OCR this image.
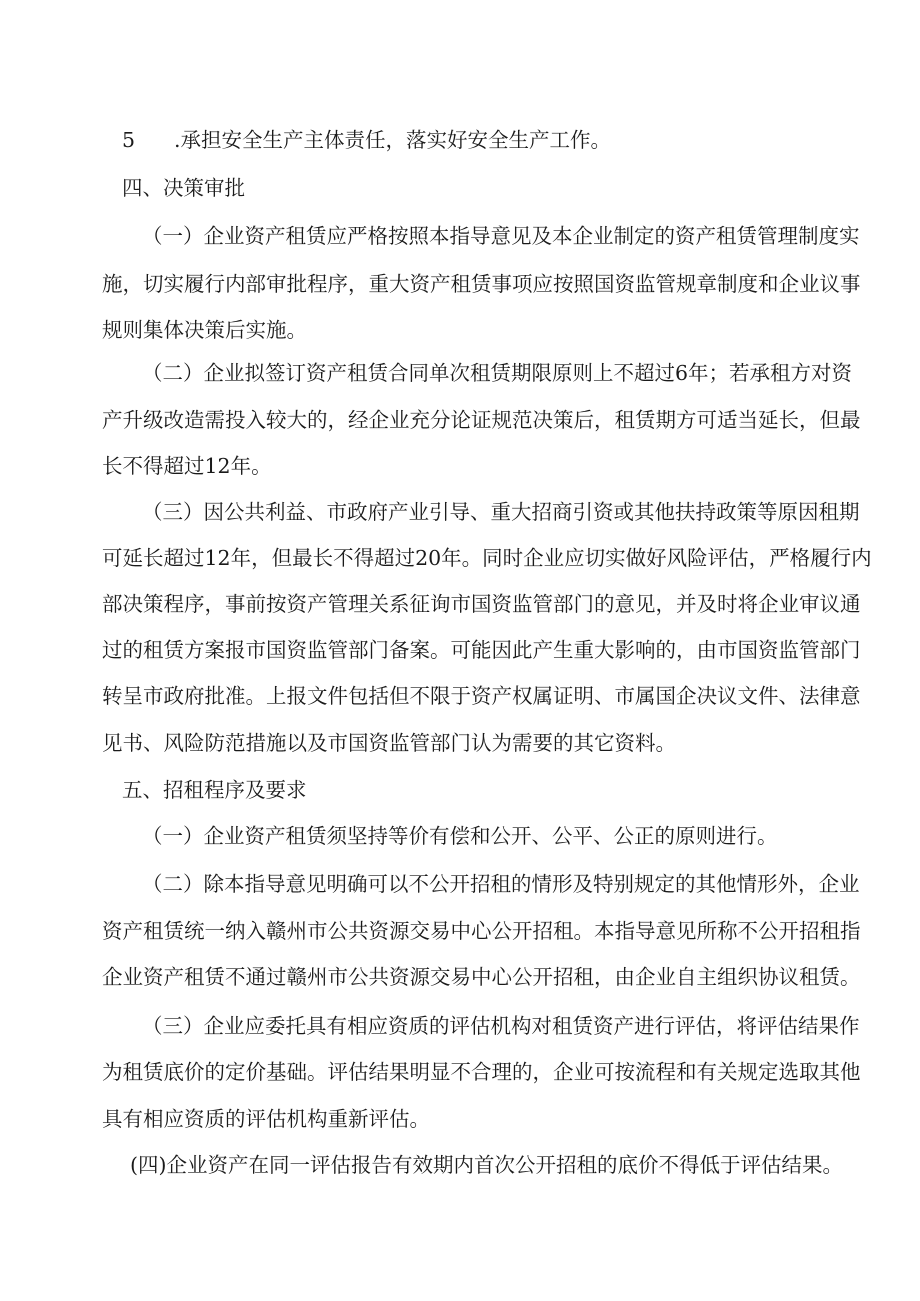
5 .承担安全生产主体责任，落实好安全生产工作。
四、决策审批
（一）企业资产租赁应严格按照本指导意见及本企业制定的资产租赁管理制度实
施，切实履行内部审批程序，重大资产租赁事项应按照国资监管规章制度和企业议事
规则集体决策后实施。
（二）企业拟签订资产租赁合同单次租赁期限原则上不超过6年；若承租方对资
产升级改造需投入较大的，经企业充分论证规范决策后，租赁期方可适当延长，但最
长不得超过12年。
（三）因公共利益、市政府产业引导、重大招商引资或其他扶持政策等原因租期
可延长超过12年，但最长不得超过20年。同时企业应切实做好风险评估，严格履行内
部决策程序，事前按资产管理关系征询市国资监管部门的意见，并及时将企业审议通
过的租赁方案报市国资监管部门备案。可能因此产生重大影响的，由市国资监管部门
转呈市政府批准。上报文件包括但不限于资产权属证明、市属国企决议文件、法律意
见书、风险防范措施以及市国资监管部门认为需要的其它资料。
五、招租程序及要求
（一）企业资产租赁须坚持等价有偿和公开、公平、公正的原则进行。
（二）除本指导意见明确可以不公开招租的情形及特别规定的其他情形外，企业
资产租赁统一纳入赣州市公共资源交易中心公开招租。本指导意见所称不公开招租指
企业资产租赁不通过赣州市公共资源交易中心公开招租，由企业自主组织协议租赁。
（三）企业应委托具有相应资质的评估机构对租赁资产进行评估，将评估结果作
为租赁底价的定价基础。评估结果明显不合理的，企业可按流程和有关规定选取其他
具有相应资质的评估机构重新评估。
(四)企业资产在同一评估报告有效期内首次公开招租的底价不得低于评估结果。
